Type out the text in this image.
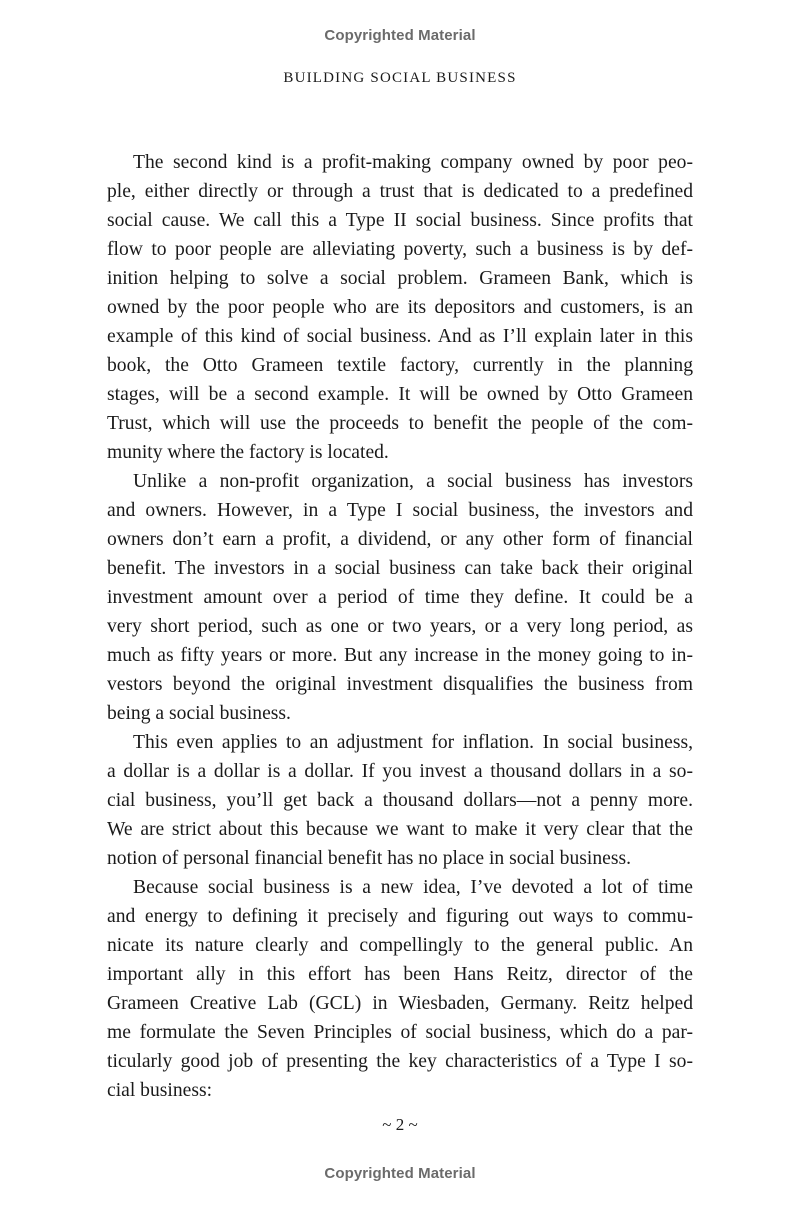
Copyrighted Material
BUILDING SOCIAL BUSINESS
The second kind is a profit-making company owned by poor peo-
ple, either directly or through a trust that is dedicated to a predefined
social cause. We call this a Type II social business. Since profits that
flow to poor people are alleviating poverty, such a business is by def-
inition helping to solve a social problem. Grameen Bank, which is
owned by the poor people who are its depositors and customers, is an
example of this kind of social business. And as I’ll explain later in this
book, the Otto Grameen textile factory, currently in the planning
stages, will be a second example. It will be owned by Otto Grameen
Trust, which will use the proceeds to benefit the people of the com-
munity where the factory is located.
Unlike a non-profit organization, a social business has investors
and owners. However, in a Type I social business, the investors and
owners don’t earn a profit, a dividend, or any other form of financial
benefit. The investors in a social business can take back their original
investment amount over a period of time they define. It could be a
very short period, such as one or two years, or a very long period, as
much as fifty years or more. But any increase in the money going to in-
vestors beyond the original investment disqualifies the business from
being a social business.
This even applies to an adjustment for inflation. In social business,
a dollar is a dollar is a dollar. If you invest a thousand dollars in a so-
cial business, you’ll get back a thousand dollars—not a penny more.
We are strict about this because we want to make it very clear that the
notion of personal financial benefit has no place in social business.
Because social business is a new idea, I’ve devoted a lot of time
and energy to defining it precisely and figuring out ways to commu-
nicate its nature clearly and compellingly to the general public. An
important ally in this effort has been Hans Reitz, director of the
Grameen Creative Lab (GCL) in Wiesbaden, Germany. Reitz helped
me formulate the Seven Principles of social business, which do a par-
ticularly good job of presenting the key characteristics of a Type I so-
cial business:
~ 2 ~
Copyrighted Material
